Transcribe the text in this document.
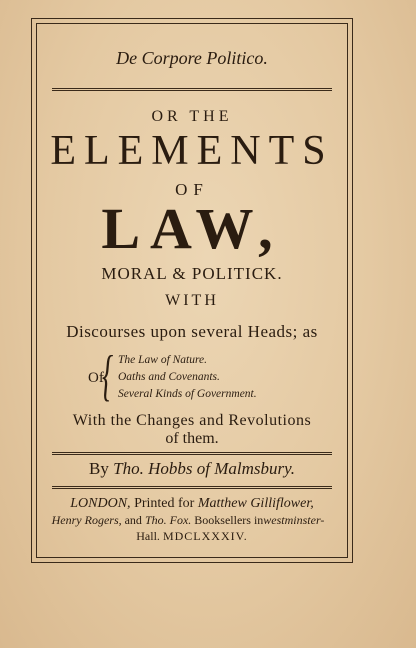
De Corpore Politico.
OR THE
ELEMENTS
OF
LAW,
MORAL & POLITICK.
WITH
Discourses upon several Heads; as
Of
{ The Law of Nature.
Oaths and Covenants.
Several Kinds of Government.
With the Changes and Revolutions
of them.
By Tho. Hobbs of Malmsbury.
LONDON, Printed for Matthew Gilliflower,
Henry Rogers, and Tho. Fox. Booksellers inwestminster-
Hall. MDCLXXXIV.
